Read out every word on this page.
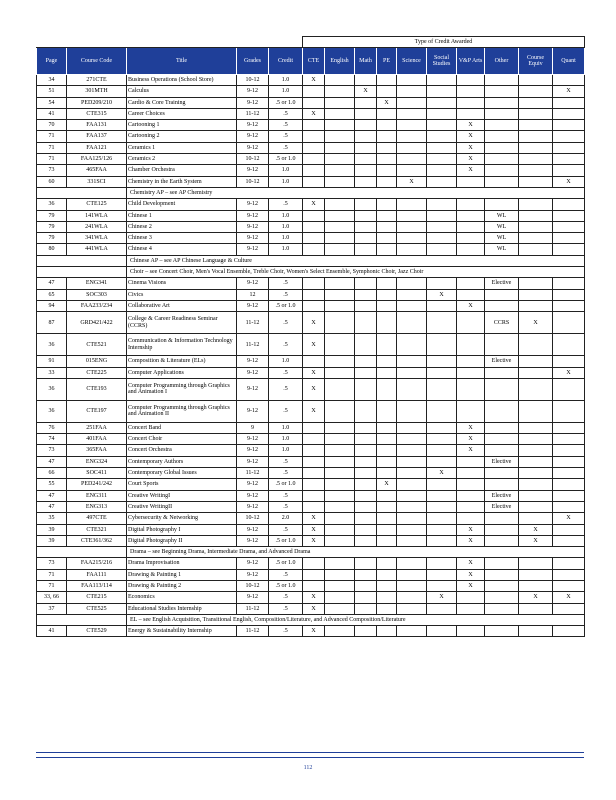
					Type of Credit Awarded									
Page	Course Code	Title	Grades	Credit	CTE	English	Math	PE	Science	Social Studies	V&P Arts	Other	Course Equiv	Quant
34	271CTE	Business Operations (School Store)	10-12	1.0	X									
51	301MTH	Calculus	9-12	1.0			X							X
54	PED209/210	Cardio & Core Training	9-12	.5 or 1.0				X						
41	CTE315	Career Choices	11-12	.5	X									
70	FAA131	Cartooning 1	9-12	.5							X			
71	FAA137	Cartooning 2	9-12	.5							X			
71	FAA121	Ceramics 1	9-12	.5							X			
71	FAA125/126	Ceramics 2	10-12	.5 or 1.0							X			
73	465FAA	Chamber Orchestra	9-12	1.0							X			
60	331SCI	Chemistry in the Earth System	10-12	1.0					X					X
		Chemistry AP – see AP Chemistry												
36	CTE125	Child Development	9-12	.5	X									
79	141WLA	Chinese 1	9-12	1.0								WL		
79	241WLA	Chinese 2	9-12	1.0								WL		
79	341WLA	Chinese 3	9-12	1.0								WL		
80	441WLA	Chinese 4	9-12	1.0								WL		
		Chinese AP – see AP Chinese Language & Culture												
		Choir – see Concert Choir, Men's Vocal Ensemble, Treble Choir, Women's Select Ensemble, Symphonic Choir, Jazz Choir												
47	ENG341	Cinema Visions	9-12	.5								Elective		
65	SOC303	Civics	12	.5						X				
94	FAA233/234	Collaborative Art	9-12	.5 or 1.0							X			
87	GRD421/422	College & Career Readiness Seminar (CCRS)	11-12	.5	X							CCRS	X	
36	CTE521	Communication & Information Technology Internship	11-12	.5	X									
91	015ENG	Composition & Literature (ELs)	9-12	1.0								Elective		
33	CTE225	Computer Applications	9-12	.5	X									X
36	CTE193	Computer Programming through Graphics and Animation I	9-12	.5	X									
36	CTE197	Computer Programming through Graphics and Animation II	9-12	.5	X									
76	251FAA	Concert Band	9	1.0							X			
74	401FAA	Concert Choir	9-12	1.0							X			
73	365FAA	Concert Orchestra	9-12	1.0							X			
47	ENG324	Contemporary Authors	9-12	.5								Elective		
66	SOC411	Contemporary Global Issues	11-12	.5						X				
55	PED241/242	Court Sports	9-12	.5 or 1.0				X						
47	ENG311	Creative WritingI	9-12	.5								Elective		
47	ENG313	Creative WritingII	9-12	.5								Elective		
35	497CTE	Cybersecurity & Networking	10-12	2.0	X									X
39	CTE321	Digital Photography I	9-12	.5	X						X		X	
39	CTE361/362	Digital Photography II	9-12	.5 or 1.0	X						X		X	
		Drama – see Beginning Drama, Intermediate Drama, and Advanced Drama												
73	FAA215/216	Drama Improvisation	9-12	.5 or 1.0							X			
71	FAA111	Drawing & Painting 1	9-12	.5							X			
71	FAA113/114	Drawing & Painting 2	10-12	.5 or 1.0							X			
33, 66	CTE215	Economics	9-12	.5	X					X			X	X
37	CTE525	Educational Studies Internship	11-12	.5	X									
		EL – see English Acquisition, Transitional English, Composition/Literature, and Advanced Composition/Literature												
41	CTE529	Energy & Sustainability Internship	11-12	.5	X									
112
